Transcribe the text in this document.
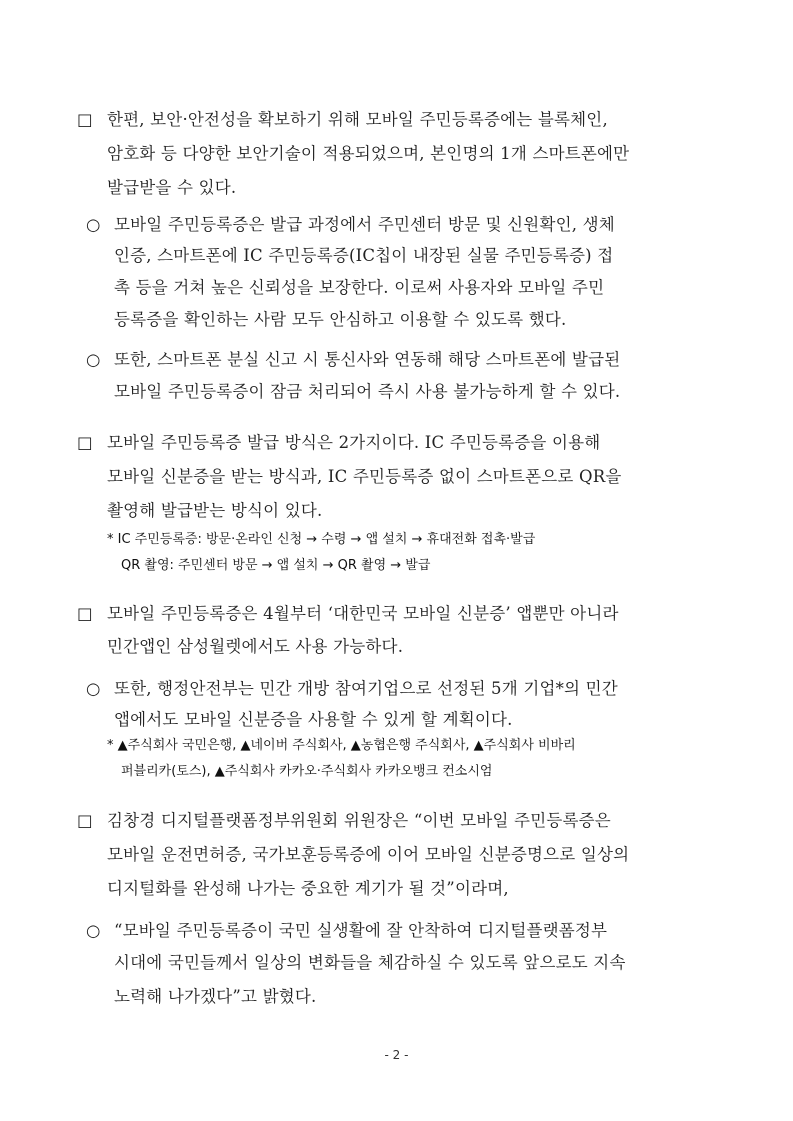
□ 한편, 보안·안전성을 확보하기 위해 모바일 주민등록증에는 블록체인,
암호화 등 다양한 보안기술이 적용되었으며, 본인명의 1개 스마트폰에만
발급받을 수 있다.
○ 모바일 주민등록증은 발급 과정에서 주민센터 방문 및 신원확인, 생체
인증, 스마트폰에 IC 주민등록증(IC칩이 내장된 실물 주민등록증) 접
촉 등을 거쳐 높은 신뢰성을 보장한다. 이로써 사용자와 모바일 주민
등록증을 확인하는 사람 모두 안심하고 이용할 수 있도록 했다.
○ 또한, 스마트폰 분실 신고 시 통신사와 연동해 해당 스마트폰에 발급된
모바일 주민등록증이 잠금 처리되어 즉시 사용 불가능하게 할 수 있다.
□ 모바일 주민등록증 발급 방식은 2가지이다. IC 주민등록증을 이용해
모바일 신분증을 받는 방식과, IC 주민등록증 없이 스마트폰으로 QR을
촬영해 발급받는 방식이 있다.
* IC 주민등록증: 방문·온라인 신청 → 수령 → 앱 설치 → 휴대전화 접촉·발급
QR 촬영: 주민센터 방문 → 앱 설치 → QR 촬영 → 발급
□ 모바일 주민등록증은 4월부터 ‘대한민국 모바일 신분증’ 앱뿐만 아니라
민간앱인 삼성월렛에서도 사용 가능하다.
○ 또한, 행정안전부는 민간 개방 참여기업으로 선정된 5개 기업*의 민간
앱에서도 모바일 신분증을 사용할 수 있게 할 계획이다.
* ▲주식회사 국민은행, ▲네이버 주식회사, ▲농협은행 주식회사, ▲주식회사 비바리
퍼블리카(토스), ▲주식회사 카카오·주식회사 카카오뱅크 컨소시엄
□ 김창경 디지털플랫폼정부위원회 위원장은 “이번 모바일 주민등록증은
모바일 운전면허증, 국가보훈등록증에 이어 모바일 신분증명으로 일상의
디지털화를 완성해 나가는 중요한 계기가 될 것”이라며,
○ “모바일 주민등록증이 국민 실생활에 잘 안착하여 디지털플랫폼정부
시대에 국민들께서 일상의 변화들을 체감하실 수 있도록 앞으로도 지속
노력해 나가겠다”고 밝혔다.
- 2 -
